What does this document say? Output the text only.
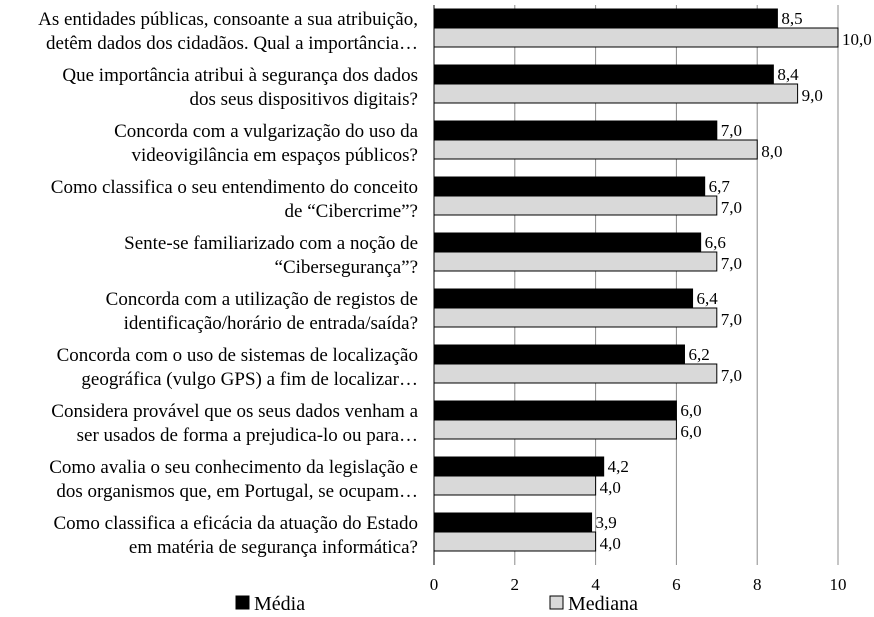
0	2	4	6	8	10
As entidades públicas, consoante a sua atribuição,
detêm dados dos cidadãos. Qual a importância…
8,5
10,0
Que importância atribui à segurança dos dados
dos seus dispositivos digitais?
8,4
9,0
Concorda com a vulgarização do uso da
videovigilância em espaços públicos?
7,0
8,0
Como classifica o seu entendimento do conceito
de “Cibercrime”?
6,7
7,0
Sente-se familiarizado com a noção de
“Cibersegurança”?
6,6
7,0
Concorda com a utilização de registos de
identificação/horário de entrada/saída?
6,4
7,0
Concorda com o uso de sistemas de localização
geográfica (vulgo GPS) a fim de localizar…
6,2
7,0
Considera provável que os seus dados venham a
ser usados de forma a prejudica-lo ou para…
6,0
6,0
Como avalia o seu conhecimento da legislação e
dos organismos que, em Portugal, se ocupam…
4,2
4,0
Como classifica a eficácia da atuação do Estado
em matéria de segurança informática?
3,9
4,0
Média	Mediana
